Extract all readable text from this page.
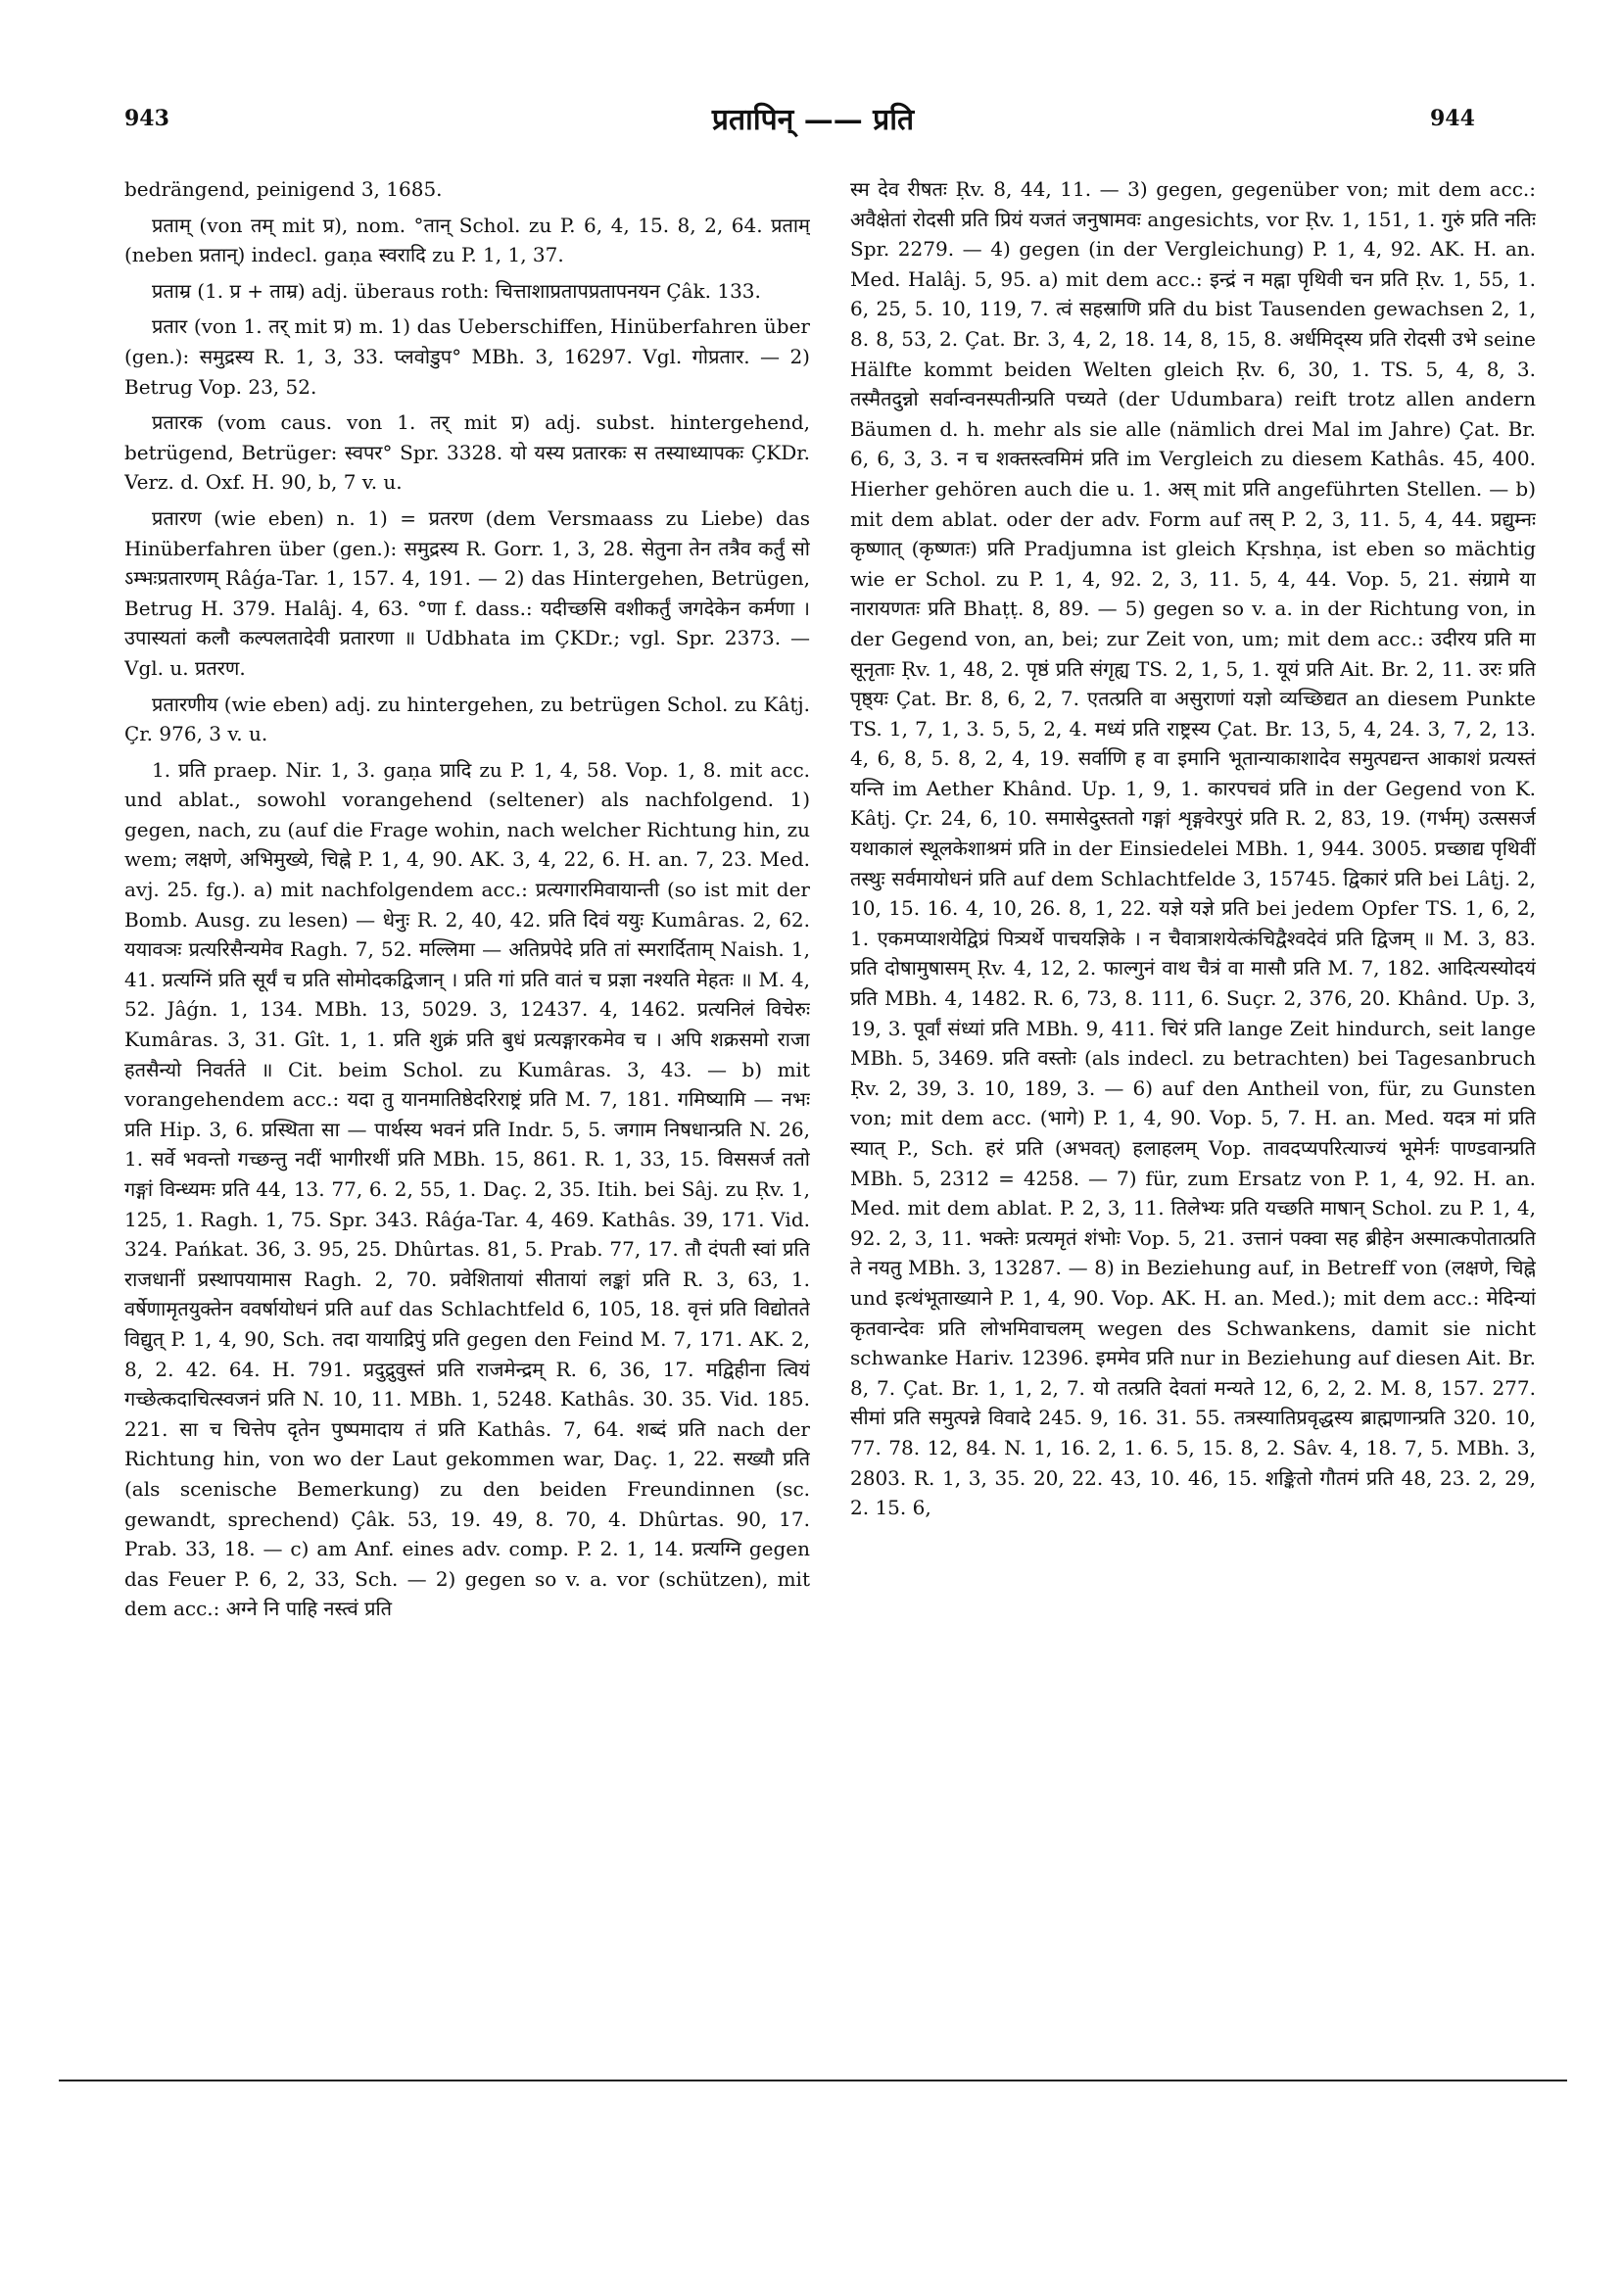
943	प्रतापिन् —— प्रति	944

bedrängend, peinigend 3, 1685.

प्रताम् (von तम् mit प्र), nom. °तान् Schol. zu P. 6, 4, 15. 8, 2, 64. प्रताम् (neben प्रतान्) indecl. gaṇa स्वरादि zu P. 1, 1, 37.

प्रताम्र (1. प्र + ताम्र) adj. überaus roth: चित्ताशाप्रतापप्रतापनयन Çâk. 133.

प्रतार (von 1. तर् mit प्र) m. 1) das Ueberschiffen, Hinüberfahren über (gen.): समुद्रस्य R. 1, 3, 33. प्लवोडुप° MBh. 3, 16297. Vgl. गोप्रतार. — 2) Betrug Vop. 23, 52.

प्रतारक (vom caus. von 1. तर् mit प्र) adj. subst. hintergehend, betrügend, Betrüger: स्वपर° Spr. 3328. यो यस्य प्रतारकः स तस्याध्यापकः ÇKDr. Verz. d. Oxf. H. 90, b, 7 v. u.

प्रतारण (wie eben) n. 1) = प्रतरण (dem Versmaass zu Liebe) das Hinüberfahren über (gen.): समुद्रस्य R. Gorr. 1, 3, 28. सेतुना तेन तत्रैव कर्तुं सो ऽम्भःप्रतारणम् Râǵa-Tar. 1, 157. 4, 191. — 2) das Hintergehen, Betrügen, Betrug H. 379. Halâj. 4, 63. °णा f. dass.: यदीच्छसि वशीकर्तुं जगदेकेन कर्मणा । उपास्यतां कलौ कल्पलतादेवी प्रतारणा ॥ Udbhata im ÇKDr.; vgl. Spr. 2373. — Vgl. u. प्रतरण.

प्रतारणीय (wie eben) adj. zu hintergehen, zu betrügen Schol. zu Kâtj. Çr. 976, 3 v. u.

1. प्रति praep. Nir. 1, 3. gaṇa प्रादि zu P. 1, 4, 58. Vop. 1, 8. mit acc. und ablat., sowohl vorangehend (seltener) als nachfolgend. 1) gegen, nach, zu (auf die Frage wohin, nach welcher Richtung hin, zu wem; लक्षणे, अभिमुख्ये, चिह्ने P. 1, 4, 90. AK. 3, 4, 22, 6. H. an. 7, 23. Med. avj. 25. fg.). a) mit nachfolgendem acc.: प्रत्यगारमिवायान्ती (so ist mit der Bomb. Ausg. zu lesen) — धेनुः R. 2, 40, 42. प्रति दिवं ययुः Kumâras. 2, 62. ययावञः प्रत्यरिसैन्यमेव Ragh. 7, 52. मल्लिमा — अतिप्रपेदे प्रति तां स्मरार्दिताम् Naish. 1, 41. प्रत्यग्निं प्रति सूर्यं च प्रति सोमोदकद्विजान् । प्रति गां प्रति वातं च प्रज्ञा नश्यति मेहतः ॥ M. 4, 52. Jâǵn. 1, 134. MBh. 13, 5029. 3, 12437. 4, 1462. प्रत्यनिलं विचेरुः Kumâras. 3, 31. Gît. 1, 1. प्रति शुक्रं प्रति बुधं प्रत्यङ्गारकमेव च । अपि शक्रसमो राजा हतसैन्यो निवर्तते ॥ Cit. beim Schol. zu Kumâras. 3, 43. — b) mit vorangehendem acc.: यदा तु यानमातिष्ठेदरिराष्ट्रं प्रति M. 7, 181. गमिष्यामि — नभः प्रति Hip. 3, 6. प्रस्थिता सा — पार्थस्य भवनं प्रति Indr. 5, 5. जगाम निषधान्प्रति N. 26, 1. सर्वे भवन्तो गच्छन्तु नदीं भागीरथीं प्रति MBh. 15, 861. R. 1, 33, 15. विससर्ज ततो गङ्गां विन्ध्यमः प्रति 44, 13. 77, 6. 2, 55, 1. Daç. 2, 35. Itih. bei Sâj. zu Ṛv. 1, 125, 1. Ragh. 1, 75. Spr. 343. Râǵa-Tar. 4, 469. Kathâs. 39, 171. Vid. 324. Pańkat. 36, 3. 95, 25. Dhûrtas. 81, 5. Prab. 77, 17. तौ दंपती स्वां प्रति राजधानीं प्रस्थापयामास Ragh. 2, 70. प्रवेशितायां सीतायां लङ्कां प्रति R. 3, 63, 1. वर्षेणामृतयुक्तेन ववर्षायोधनं प्रति auf das Schlachtfeld 6, 105, 18. वृत्तं प्रति विद्योतते विद्युत् P. 1, 4, 90, Sch. तदा यायाद्रिपुं प्रति gegen den Feind M. 7, 171. AK. 2, 8, 2. 42. 64. H. 791. प्रदुद्रुवुस्तं प्रति राजमेन्द्रम् R. 6, 36, 17. मद्विहीना त्वियं गच्छेत्कदाचित्स्वजनं प्रति N. 10, 11. MBh. 1, 5248. Kathâs. 30. 35. Vid. 185. 221. सा च चित्तेप दृतेन पुष्पमादाय तं प्रति Kathâs. 7, 64. शब्दं प्रति nach der Richtung hin, von wo der Laut gekommen war, Daç. 1, 22. सख्यौ प्रति (als scenische Bemerkung) zu den beiden Freundinnen (sc. gewandt, sprechend) Çâk. 53, 19. 49, 8. 70, 4. Dhûrtas. 90, 17. Prab. 33, 18. — c) am Anf. eines adv. comp. P. 2. 1, 14. प्रत्यग्नि gegen das Feuer P. 6, 2, 33, Sch. — 2) gegen so v. a. vor (schützen), mit dem acc.: अग्ने नि पाहि नस्त्वं प्रति

स्म देव रीषतः Ṛv. 8, 44, 11. — 3) gegen, gegenüber von; mit dem acc.: अवैक्षेतां रोदसी प्रति प्रियं यजतं जनुषामवः angesichts, vor Ṛv. 1, 151, 1. गुरुं प्रति नतिः Spr. 2279. — 4) gegen (in der Vergleichung) P. 1, 4, 92. AK. H. an. Med. Halâj. 5, 95. a) mit dem acc.: इन्द्रं न मह्ना पृथिवी चन प्रति Ṛv. 1, 55, 1. 6, 25, 5. 10, 119, 7. त्वं सहस्राणि प्रति du bist Tausenden gewachsen 2, 1, 8. 8, 53, 2. Çat. Br. 3, 4, 2, 18. 14, 8, 15, 8. अर्धमिद्स्य प्रति रोदसी उभे seine Hälfte kommt beiden Welten gleich Ṛv. 6, 30, 1. TS. 5, 4, 8, 3. तस्मैतदुन्नो सर्वान्वनस्पतीन्प्रति पच्यते (der Udumbara) reift trotz allen andern Bäumen d. h. mehr als sie alle (nämlich drei Mal im Jahre) Çat. Br. 6, 6, 3, 3. न च शक्तस्त्वमिमं प्रति im Vergleich zu diesem Kathâs. 45, 400. Hierher gehören auch die u. 1. अस् mit प्रति angeführten Stellen. — b) mit dem ablat. oder der adv. Form auf तस् P. 2, 3, 11. 5, 4, 44. प्रद्युम्नः कृष्णात् (कृष्णतः) प्रति Pradjumna ist gleich Kṛshṇa, ist eben so mächtig wie er Schol. zu P. 1, 4, 92. 2, 3, 11. 5, 4, 44. Vop. 5, 21. संग्रामे या नारायणतः प्रति Bhaṭṭ. 8, 89. — 5) gegen so v. a. in der Richtung von, in der Gegend von, an, bei; zur Zeit von, um; mit dem acc.: उदीरय प्रति मा सूनृताः Ṛv. 1, 48, 2. पृष्ठं प्रति संगृह्य TS. 2, 1, 5, 1. यूयं प्रति Ait. Br. 2, 11. उरः प्रति पृष्ठ्यः Çat. Br. 8, 6, 2, 7. एतत्प्रति वा असुराणां यज्ञो व्यच्छिद्यत an diesem Punkte TS. 1, 7, 1, 3. 5, 5, 2, 4. मध्यं प्रति राष्ट्रस्य Çat. Br. 13, 5, 4, 24. 3, 7, 2, 13. 4, 6, 8, 5. 8, 2, 4, 19. सर्वाणि ह वा इमानि भूतान्याकाशादेव समुत्पद्यन्त आकाशं प्रत्यस्तं यन्ति im Aether Khând. Up. 1, 9, 1. कारपचवं प्रति in der Gegend von K. Kâtj. Çr. 24, 6, 10. समासेदुस्ततो गङ्गां शृङ्गवेरपुरं प्रति R. 2, 83, 19. (गर्भम्) उत्ससर्ज यथाकालं स्थूलकेशाश्रमं प्रति in der Einsiedelei MBh. 1, 944. 3005. प्रच्छाद्य पृथिवीं तस्थुः सर्वमायोधनं प्रति auf dem Schlachtfelde 3, 15745. द्विकारं प्रति bei Lâṭj. 2, 10, 15. 16. 4, 10, 26. 8, 1, 22. यज्ञे यज्ञे प्रति bei jedem Opfer TS. 1, 6, 2, 1. एकमप्याशयेद्विप्रं पित्र्यर्थे पाचयज्ञिके । न चैवात्राशयेत्कंचिद्वैश्वदेवं प्रति द्विजम् ॥ M. 3, 83. प्रति दोषामुषासम् Ṛv. 4, 12, 2. फाल्गुनं वाथ चैत्रं वा मासौ प्रति M. 7, 182. आदित्यस्योदयं प्रति MBh. 4, 1482. R. 6, 73, 8. 111, 6. Suçr. 2, 376, 20. Khând. Up. 3, 19, 3. पूर्वां संध्यां प्रति MBh. 9, 411. चिरं प्रति lange Zeit hindurch, seit lange MBh. 5, 3469. प्रति वस्तोः (als indecl. zu betrachten) bei Tagesanbruch Ṛv. 2, 39, 3. 10, 189, 3. — 6) auf den Antheil von, für, zu Gunsten von; mit dem acc. (भागे) P. 1, 4, 90. Vop. 5, 7. H. an. Med. यदत्र मां प्रति स्यात् P., Sch. हरं प्रति (अभवत्) हलाहलम् Vop. तावदप्यपरित्याज्यं भूमेर्नः पाण्डवान्प्रति MBh. 5, 2312 = 4258. — 7) für, zum Ersatz von P. 1, 4, 92. H. an. Med. mit dem ablat. P. 2, 3, 11. तिलेभ्यः प्रति यच्छति माषान् Schol. zu P. 1, 4, 92. 2, 3, 11. भक्तेः प्रत्यमृतं शंभोः Vop. 5, 21. उत्तानं पक्वा सह ब्रीहेन अस्मात्कपोतात्प्रति ते नयतु MBh. 3, 13287. — 8) in Beziehung auf, in Betreff von (लक्षणे, चिह्ने und इत्थंभूताख्याने P. 1, 4, 90. Vop. AK. H. an. Med.); mit dem acc.: मेदिन्यां कृतवान्देवः प्रति लोभमिवाचलम् wegen des Schwankens, damit sie nicht schwanke Hariv. 12396. इममेव प्रति nur in Beziehung auf diesen Ait. Br. 8, 7. Çat. Br. 1, 1, 2, 7. यो तत्प्रति देवतां मन्यते 12, 6, 2, 2. M. 8, 157. 277. सीमां प्रति समुत्पन्ने विवादे 245. 9, 16. 31. 55. तत्रस्यातिप्रवृद्धस्य ब्राह्मणान्प्रति 320. 10, 77. 78. 12, 84. N. 1, 16. 2, 1. 6. 5, 15. 8, 2. Sâv. 4, 18. 7, 5. MBh. 3, 2803. R. 1, 3, 35. 20, 22. 43, 10. 46, 15. शङ्कितो गौतमं प्रति 48, 23. 2, 29, 2. 15. 6,
